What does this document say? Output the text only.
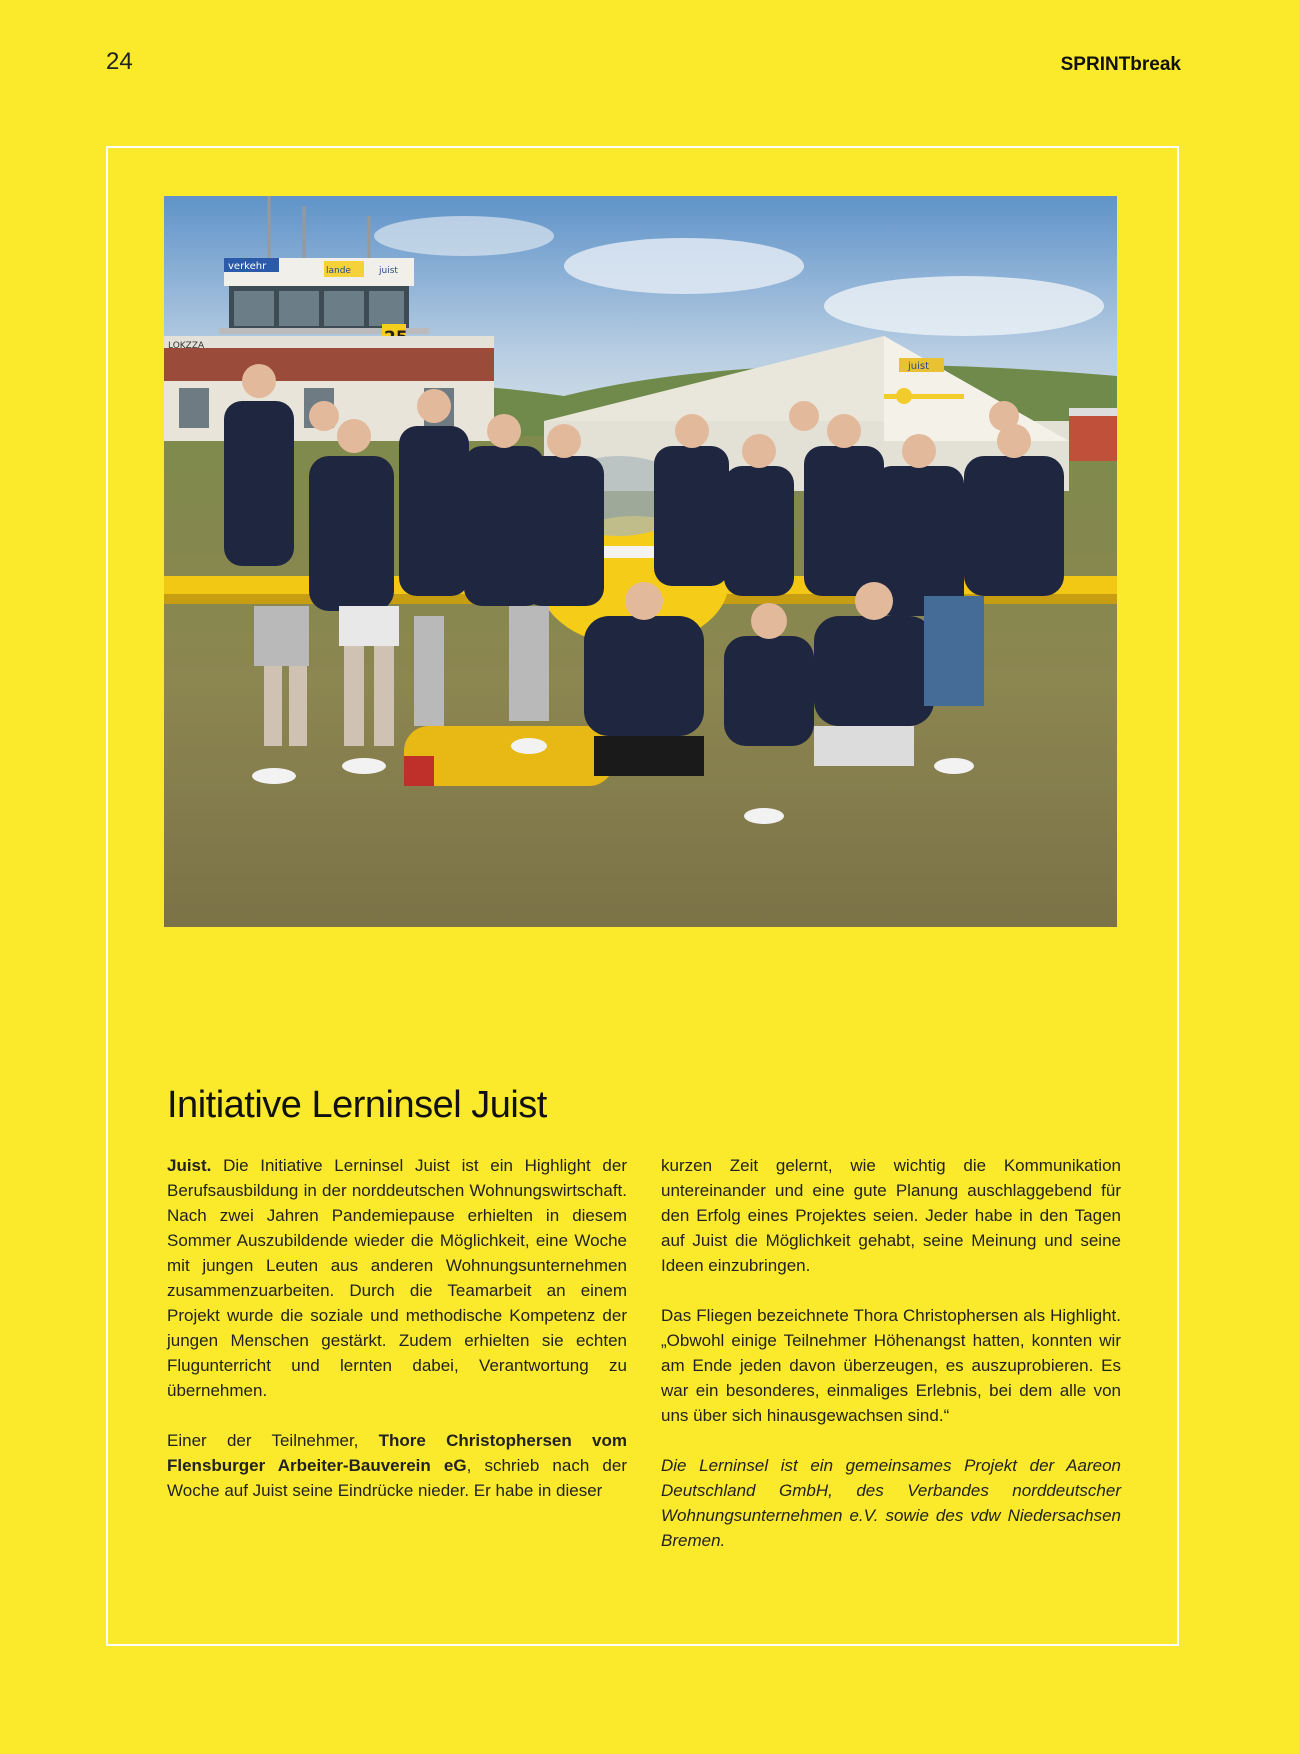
24	SPRINTbreak
juist
verkehr	lande	juist
LOKZZA
Initiative Lerninsel Juist

Juist. Die Initiative Lerninsel Juist ist ein Highlight der Berufsausbildung in der norddeutschen Wohnungswirtschaft. Nach zwei Jahren Pandemiepause erhielten in diesem Sommer Auszubildende wieder die Möglichkeit, eine Woche mit jungen Leuten aus anderen Wohnungsunternehmen zusammenzuarbeiten. Durch die Teamarbeit an einem Projekt wurde die soziale und methodische Kompetenz der jungen Menschen gestärkt. Zudem erhielten sie echten Flugunterricht und lernten dabei, Verantwortung zu übernehmen.

Einer der Teilnehmer, Thore Christophersen vom Flensburger Arbeiter-Bauverein eG, schrieb nach der Woche auf Juist seine Eindrücke nieder. Er habe in dieser

kurzen Zeit gelernt, wie wichtig die Kommunikation untereinander und eine gute Planung auschlaggebend für den Erfolg eines Projektes seien. Jeder habe in den Tagen auf Juist die Möglichkeit gehabt, seine Meinung und seine Ideen einzubringen.

Das Fliegen bezeichnete Thora Christophersen als Highlight. „Obwohl einige Teilnehmer Höhenangst hatten, konnten wir am Ende jeden davon überzeugen, es auszuprobieren. Es war ein besonderes, einmaliges Erlebnis, bei dem alle von uns über sich hinausgewachsen sind.“

Die Lerninsel ist ein gemeinsames Projekt der Aareon Deutschland GmbH, des Verbandes norddeutscher Wohnungsunternehmen e.V. sowie des vdw Niedersachsen Bremen.
